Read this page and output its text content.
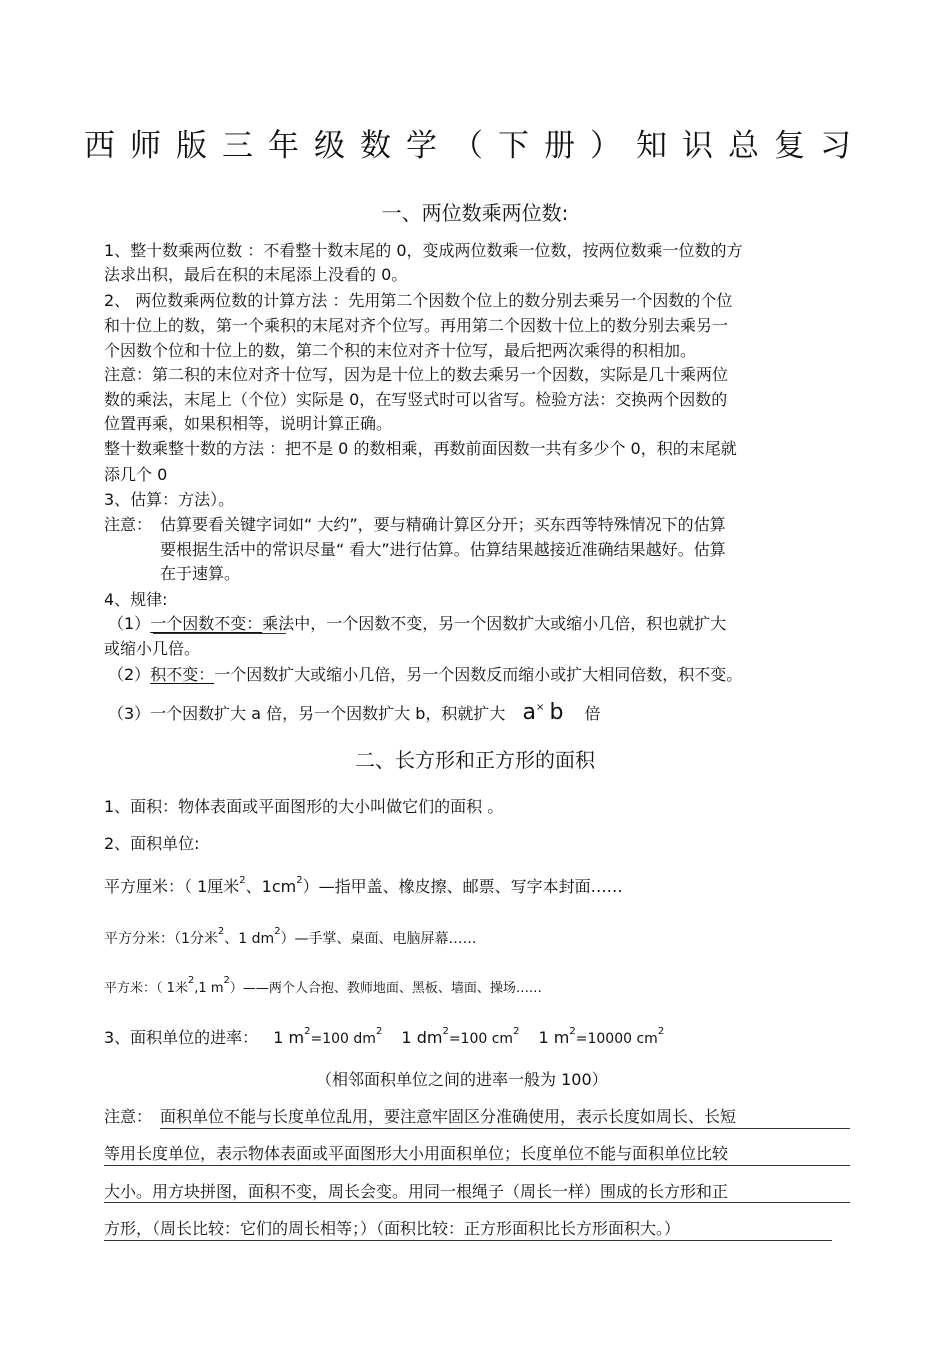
西师版三年级数学（下册）知识总复习
一、两位数乘两位数:
1、整十数乘两位数 ：不看整十数末尾的 0，变成两位数乘一位数，按两位数乘一位数的方
法求出积，最后在积的末尾添上没看的 0。
2、 两位数乘两位数的计算方法 ：先用第二个因数个位上的数分别去乘另一个因数的个位
和十位上的数，第一个乘积的末尾对齐个位写。再用第二个因数十位上的数分别去乘另一
个因数个位和十位上的数，第二个积的末位对齐十位写，最后把两次乘得的积相加。
注意：第二积的末位对齐十位写，因为是十位上的数去乘另一个因数，实际是几十乘两位
数的乘法，末尾上（个位）实际是 0，在写竖式时可以省写。检验方法：交换两个因数的
位置再乘，如果积相等，说明计算正确。
整十数乘整十数的方法 ：把不是 0 的数相乘，再数前面因数一共有多少个 0，积的末尾就
添几个 0
3、估算：方法）。
注意： 估算要看关键字词如“ 大约”，要与精确计算区分开；买东西等特殊情况下的估算
要根据生活中的常识尽量“ 看大”进行估算。估算结果越接近准确结果越好。估算
在于速算。
4、规律:
（1）一个因数不变：乘法中，一个因数不变，另一个因数扩大或缩小几倍，积也就扩大
或缩小几倍。
（2）积不变：一个因数扩大或缩小几倍，另一个因数反而缩小或扩大相同倍数，积不变。
（3）一个因数扩大 a 倍，另一个因数扩大 b，积就扩大 a× b 倍
二、长方形和正方形的面积
1、面积：物体表面或平面图形的大小叫做它们的面积 。
2、面积单位:
平方厘米：（ 1厘米$^2$、$1cm^2)—$指甲盖、橡皮擦、邮票、写字本封面……
平方分米：（1分米$^2$、1 $dm^2)—$手掌、桌面、电脑屏幕……
平方米：（ 1米$^2$,1 $m^2)——$两个人合抱、教师地面、黑板、墙面、操场……
3、面积单位的进率： 1 $m^2=100$ $dm^2$ 1 $dm^2=100$ $cm^2$ 1 $m^2=10000$ $cm^2$
（相邻面积单位之间的进率一般为 100）
注意： 面积单位不能与长度单位乱用，要注意牢固区分准确使用，表示长度如周长、长短
等用长度单位，表示物体表面或平面图形大小用面积单位；长度单位不能与面积单位比较
大小。用方块拼图，面积不变，周长会变。用同一根绳子（周长一样）围成的长方形和正
方形，（周长比较：它们的周长相等；）（面积比较：正方形面积比长方形面积大。）
